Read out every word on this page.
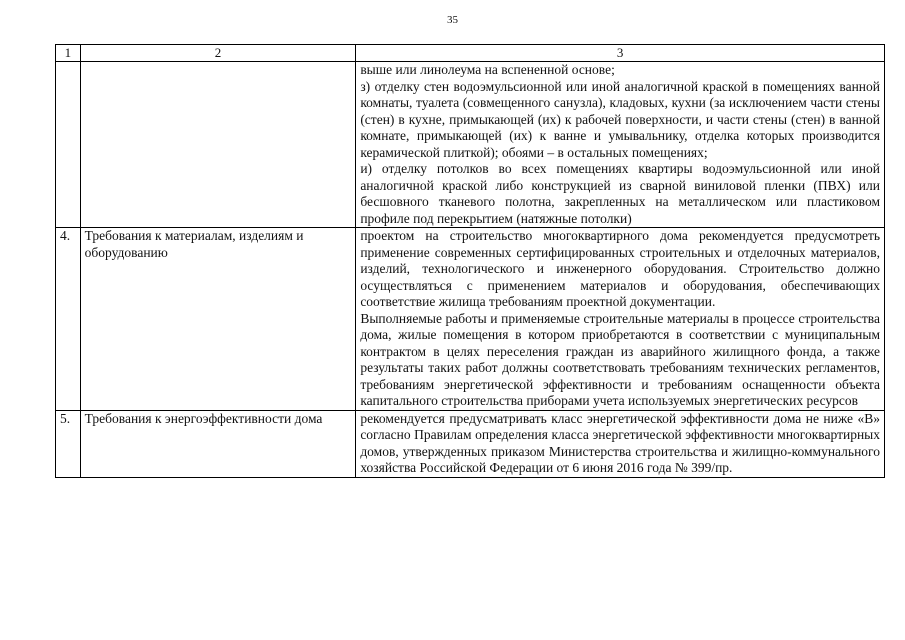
35
1	2	3

		выше или линолеума на вспененной основе;

з) отделку стен водоэмульсионной или иной аналогичной краской в помещениях ванной комнаты, туалета (совмещенного санузла), кладовых, кухни (за исключением части стены (стен) в кухне, примыкающей (их) к рабочей поверхности, и части стены (стен) в ванной комнате, примыкающей (их) к ванне и умывальнику, отделка которых производится керамической плиткой); обоями – в остальных помещениях;

и) отделку потолков во всех помещениях квартиры водоэмульсионной или иной аналогичной краской либо конструкцией из сварной виниловой пленки (ПВХ) или бесшовного тканевого полотна, закрепленных на металлическом или пластиковом профиле под перекрытием (натяжные потолки)

4.	Требования к материалам, изделиям и оборудованию	проектом на строительство многоквартирного дома рекомендуется предусмотреть применение современных сертифицированных строительных и отделочных материалов, изделий, технологического и инженерного оборудования. Строительство должно осуществляться с применением материалов и оборудования, обеспечивающих соответствие жилища требованиям проектной документации.

Выполняемые работы и применяемые строительные материалы в процессе строительства дома, жилые помещения в котором приобретаются в соответствии с муниципальным контрактом в целях переселения граждан из аварийного жилищного фонда, а также результаты таких работ должны соответствовать требованиям технических регламентов, требованиям энергетической эффективности и требованиям оснащенности объекта капитального строительства приборами учета используемых энергетических ресурсов

5.	Требования к энергоэффективности дома	рекомендуется предусматривать класс энергетической эффективности дома не ниже «В» согласно Правилам определения класса энергетической эффективности многоквартирных домов, утвержденных приказом Министерства строительства и жилищно-коммунального хозяйства Российской Федерации от 6 июня 2016 года № 399/пр.
